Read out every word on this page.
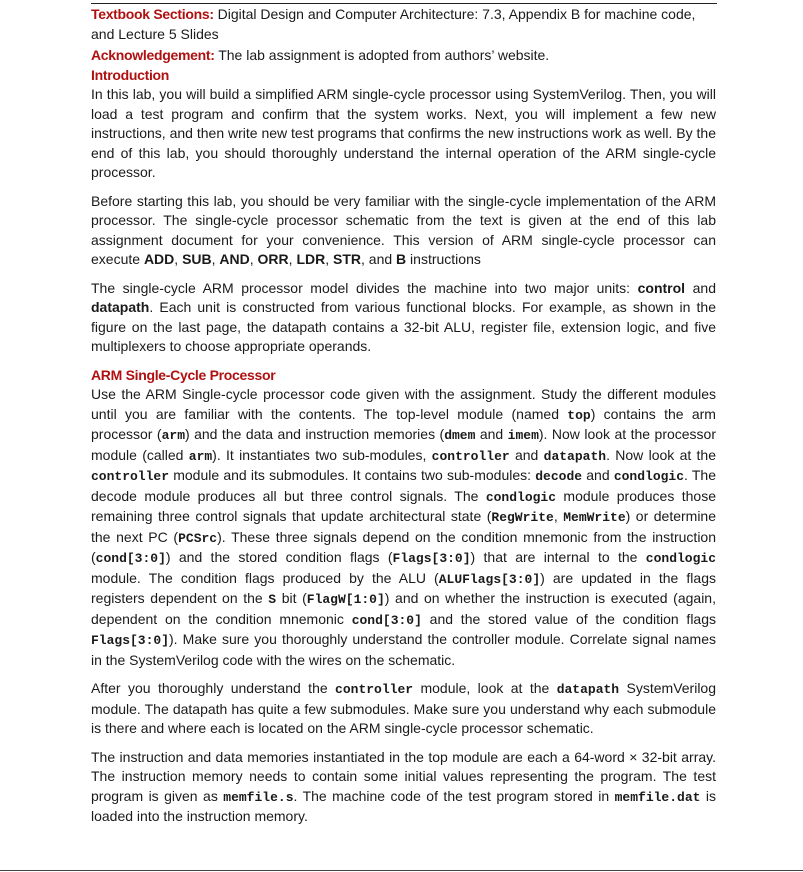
Textbook Sections: Digital Design and Computer Architecture: 7.3, Appendix B for machine code, and Lecture 5 Slides

Acknowledgement: The lab assignment is adopted from authors’ website.

Introduction

In this lab, you will build a simplified ARM single-cycle processor using SystemVerilog. Then, you will load a test program and confirm that the system works. Next, you will implement a few new instructions, and then write new test programs that confirms the new instructions work as well. By the end of this lab, you should thoroughly understand the internal operation of the ARM single-cycle processor.

Before starting this lab, you should be very familiar with the single-cycle implementation of the ARM processor. The single-cycle processor schematic from the text is given at the end of this lab assignment document for your convenience. This version of ARM single-cycle processor can execute ADD, SUB, AND, ORR, LDR, STR, and B instructions

The single-cycle ARM processor model divides the machine into two major units: control and datapath. Each unit is constructed from various functional blocks. For example, as shown in the figure on the last page, the datapath contains a 32-bit ALU, register file, extension logic, and five multiplexers to choose appropriate operands.

ARM Single-Cycle Processor

Use the ARM Single-cycle processor code given with the assignment. Study the different modules until you are familiar with the contents. The top-level module (named top) contains the arm processor (arm) and the data and instruction memories (dmem and imem). Now look at the processor module (called arm). It instantiates two sub-modules, controller and datapath. Now look at the controller module and its submodules. It contains two sub-modules: decode and condlogic. The decode module produces all but three control signals. The condlogic module produces those remaining three control signals that update architectural state (RegWrite, MemWrite) or determine the next PC (PCSrc). These three signals depend on the condition mnemonic from the instruction (cond[3:0]) and the stored condition flags (Flags[3:0]) that are internal to the condlogic module. The condition flags produced by the ALU (ALUFlags[3:0]) are updated in the flags registers dependent on the S bit (FlagW[1:0]) and on whether the instruction is executed (again, dependent on the condition mnemonic cond[3:0] and the stored value of the condition flags Flags[3:0]). Make sure you thoroughly understand the controller module. Correlate signal names in the SystemVerilog code with the wires on the schematic.

After you thoroughly understand the controller module, look at the datapath SystemVerilog module. The datapath has quite a few submodules. Make sure you understand why each submodule is there and where each is located on the ARM single-cycle processor schematic.

The instruction and data memories instantiated in the top module are each a 64-word × 32-bit array. The instruction memory needs to contain some initial values representing the program. The test program is given as memfile.s. The machine code of the test program stored in memfile.dat is loaded into the instruction memory.
